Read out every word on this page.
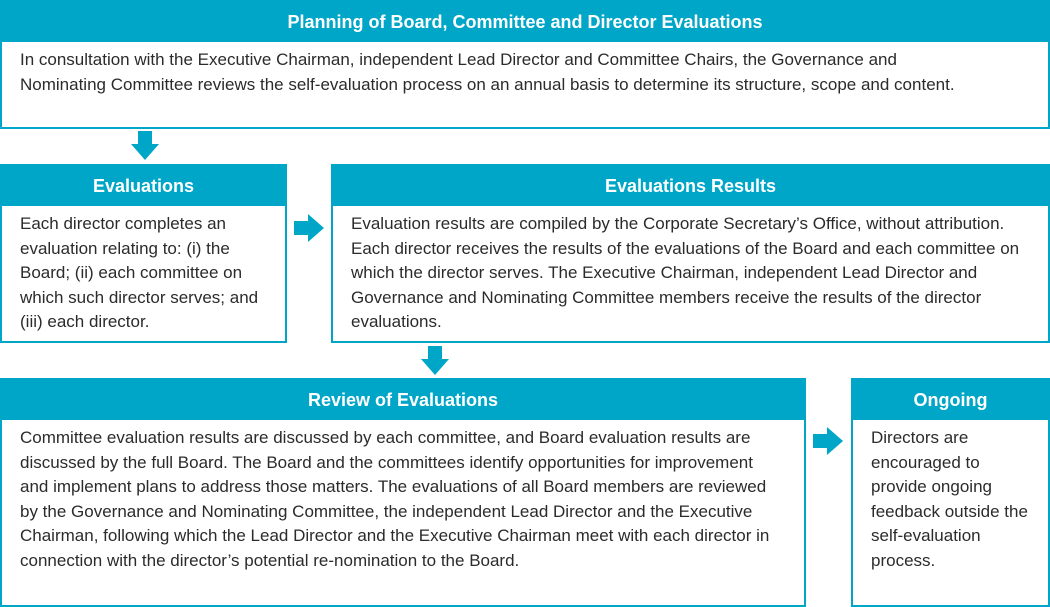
Planning of Board, Committee and Director Evaluations
In consultation with the Executive Chairman, independent Lead Director and Committee Chairs, the Governance and Nominating Committee reviews the self-evaluation process on an annual basis to determine its structure, scope and content.
Evaluations
Each director completes an evaluation relating to: (i) the Board; (ii) each committee on which such director serves; and (iii) each director.
Evaluations Results
Evaluation results are compiled by the Corporate Secretary’s Office, without attribution. Each director receives the results of the evaluations of the Board and each committee on which the director serves. The Executive Chairman, independent Lead Director and Governance and Nominating Committee members receive the results of the director evaluations.
Review of Evaluations
Committee evaluation results are discussed by each committee, and Board evaluation results are discussed by the full Board. The Board and the committees identify opportunities for improvement and implement plans to address those matters. The evaluations of all Board members are reviewed by the Governance and Nominating Committee, the independent Lead Director and the Executive Chairman, following which the Lead Director and the Executive Chairman meet with each director in connection with the director’s potential re-nomination to the Board.
Ongoing
Directors are encouraged to provide ongoing feedback outside the self-evaluation process.
